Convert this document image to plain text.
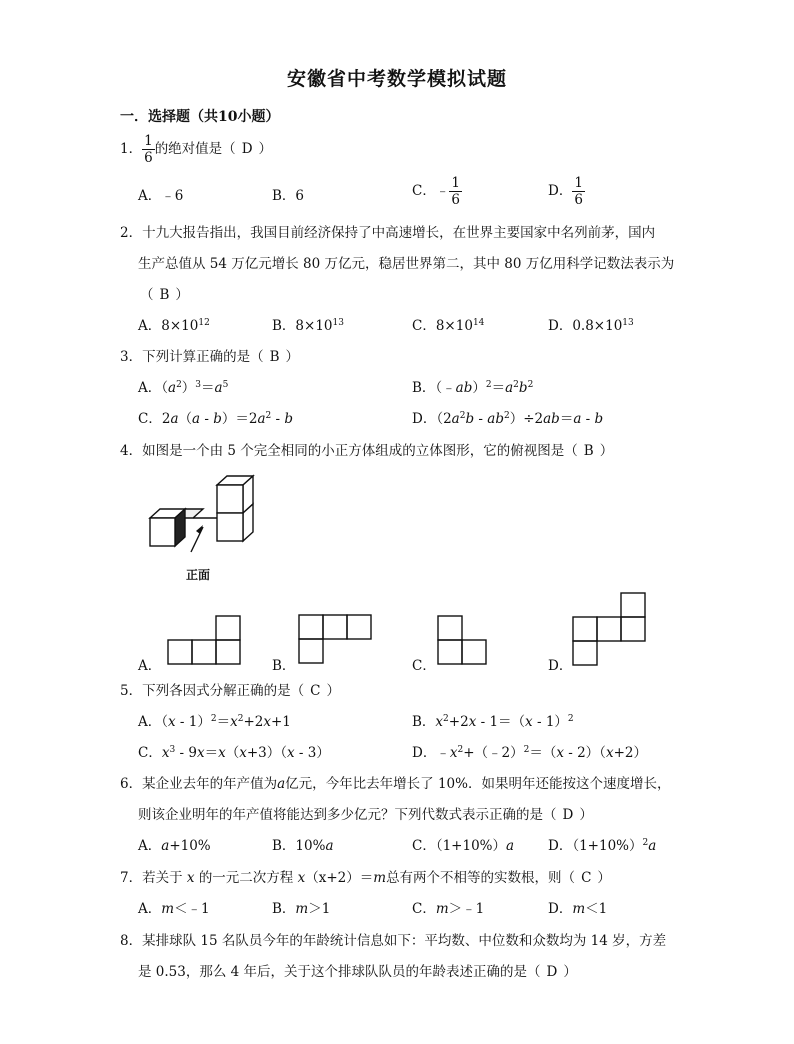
安徽省中考数学模拟试题
一．选择题（共10小题）
1． $\frac{1}{6}$ 的绝对值是（ D ）
A．﹣6	B．6	C．﹣ $\frac{1}{6}$	D． $\frac{1}{6}$
2．十九大报告指出，我国目前经济保持了中高速增长，在世界主要国家中名列前茅，国内
生产总值从 54 万亿元增长 80 万亿元，稳居世界第二，其中 80 万亿用科学记数法表示为
（ B ）
A．$8\times 10^{12}$	B．$8\times 10^{13}$	C．$8\times 10^{14}$	D．$0.8\times 10^{13}$
3．下列计算正确的是（ B ）
A．$(a^2)^3=a^5$	B．$(﹣ab)^2=a^2b^2$
C．$2a(a - b)=2a^2 - b$	D．$(2a^2b - ab^2)\div 2ab=a - b$
4．如图是一个由 5 个完全相同的小正方体组成的立体图形，它的俯视图是（ B ）
正面
A．	B．	C．	D．
5．下列各因式分解正确的是（ C ）
A．$(x - 1)^2=x^2+2x+1$	B．$x^2+2x - 1=(x - 1)^2$
C．$x^3 - 9x=x(x+3)(x - 3)$	D．$﹣x^2+(﹣2)^2=(x - 2)(x+2)$
6．某企业去年的年产值为a亿元，今年比去年增长了 10%．如果明年还能按这个速度增长，
则该企业明年的年产值将能达到多少亿元？下列代数式表示正确的是（ D ）
A．a+10%	B．10%a	C．（1+10%）a	D．$(1+10\%)^2a$
7．若关于 x 的一元二次方程 x（x+2）＝m总有两个不相等的实数根，则（ C ）
A．m＜﹣1	B．m＞1	C．m＞﹣1	D．m＜1
8．某排球队 15 名队员今年的年龄统计信息如下：平均数、中位数和众数均为 14 岁，方差
是 0.53，那么 4 年后，关于这个排球队队员的年龄表述正确的是（ D ）
